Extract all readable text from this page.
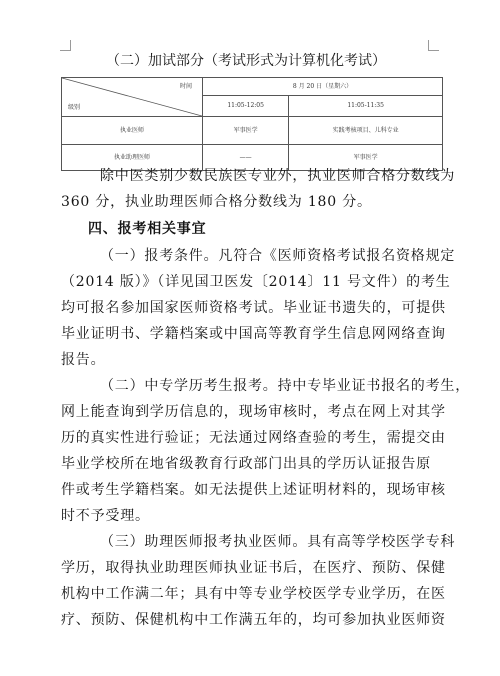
（二）加试部分（考试形式为计算机化考试）
时间
级别	8 月 20 日（星期六）	
	11:05-12:05	11:05-11:35
执业医师	军事医学	实践考核项目、儿科专业
执业助理医师	——	军事医学
除中医类别少数民族医专业外，执业医师合格分数线为
360 分，执业助理医师合格分数线为 180 分。
四、报考相关事宜
（一）报考条件。凡符合《医师资格考试报名资格规定
（2014 版）》（详见国卫医发〔2014〕11 号文件）的考生
均可报名参加国家医师资格考试。毕业证书遗失的，可提供
毕业证明书、学籍档案或中国高等教育学生信息网网络查询
报告。
（二）中专学历考生报考。持中专毕业证书报名的考生，
网上能查询到学历信息的，现场审核时，考点在网上对其学
历的真实性进行验证；无法通过网络查验的考生，需提交由
毕业学校所在地省级教育行政部门出具的学历认证报告原
件或考生学籍档案。如无法提供上述证明材料的，现场审核
时不予受理。
（三）助理医师报考执业医师。具有高等学校医学专科
学历，取得执业助理医师执业证书后，在医疗、预防、保健
机构中工作满二年；具有中等专业学校医学专业学历，在医
疗、预防、保健机构中工作满五年的，均可参加执业医师资
